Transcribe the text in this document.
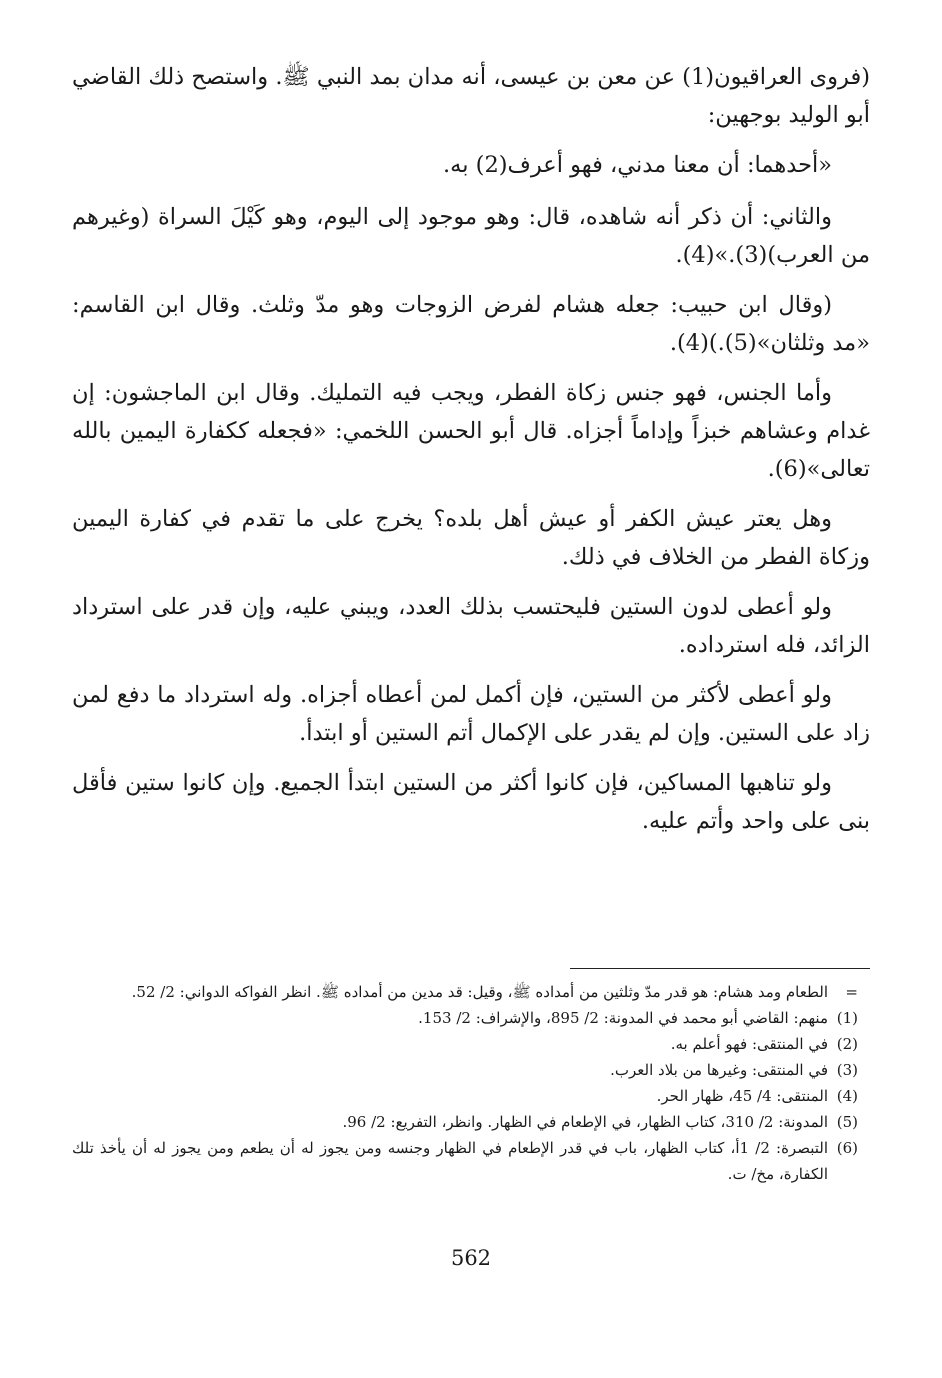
(فروى العراقيون(1) عن معن بن عيسى، أنه مدان بمد النبي ﷺ. واستصح ذلك القاضي أبو الوليد بوجهين:

«أحدهما: أن معنا مدني، فهو أعرف(2) به.

والثاني: أن ذكر أنه شاهده، قال: وهو موجود إلى اليوم، وهو كَيْلَ السراة (وغيرهم من العرب)(3).»(4).

(وقال ابن حبيب: جعله هشام لفرض الزوجات وهو مدّ وثلث. وقال ابن القاسم: «مد وثلثان»(5).)(4).

وأما الجنس، فهو جنس زكاة الفطر، ويجب فيه التمليك. وقال ابن الماجشون: إن غدام وعشاهم خبزاً وإداماً أجزاه. قال أبو الحسن اللخمي: «فجعله ككفارة اليمين بالله تعالى»(6).

وهل يعتر عيش الكفر أو عيش أهل بلده؟ يخرج على ما تقدم في كفارة اليمين وزكاة الفطر من الخلاف في ذلك.

ولو أعطى لدون الستين فليحتسب بذلك العدد، ويبني عليه، وإن قدر على استرداد الزائد، فله استرداده.

ولو أعطى لأكثر من الستين، فإن أكمل لمن أعطاه أجزاه. وله استرداد ما دفع لمن زاد على الستين. وإن لم يقدر على الإكمال أتم الستين أو ابتدأ.

ولو تناهبها المساكين، فإن كانوا أكثر من الستين ابتدأ الجميع. وإن كانوا ستين فأقل بنى على واحد وأتم عليه.

=
الطعام ومد هشام: هو قدر مدّ وثلثين من أمداده ﷺ، وقيل: قد مدين من أمداده ﷺ. انظر الفواكه الدواني: 2/ 52.
(1)
منهم: القاضي أبو محمد في المدونة: 2/ 895، والإشراف: 2/ 153.
(2)
في المنتقى: فهو أعلم به.
(3)
في المنتقى: وغيرها من بلاد العرب.
(4)
المنتقى: 4/ 45، ظهار الحر.
(5)
المدونة: 2/ 310، كتاب الظهار، في الإطعام في الظهار. وانظر، التفريع: 2/ 96.
(6)
التبصرة: 2/ 1أ، كتاب الظهار، باب في قدر الإطعام في الظهار وجنسه ومن يجوز له أن يطعم ومن يجوز له أن يأخذ تلك الكفارة، مخ/ ت.
562
